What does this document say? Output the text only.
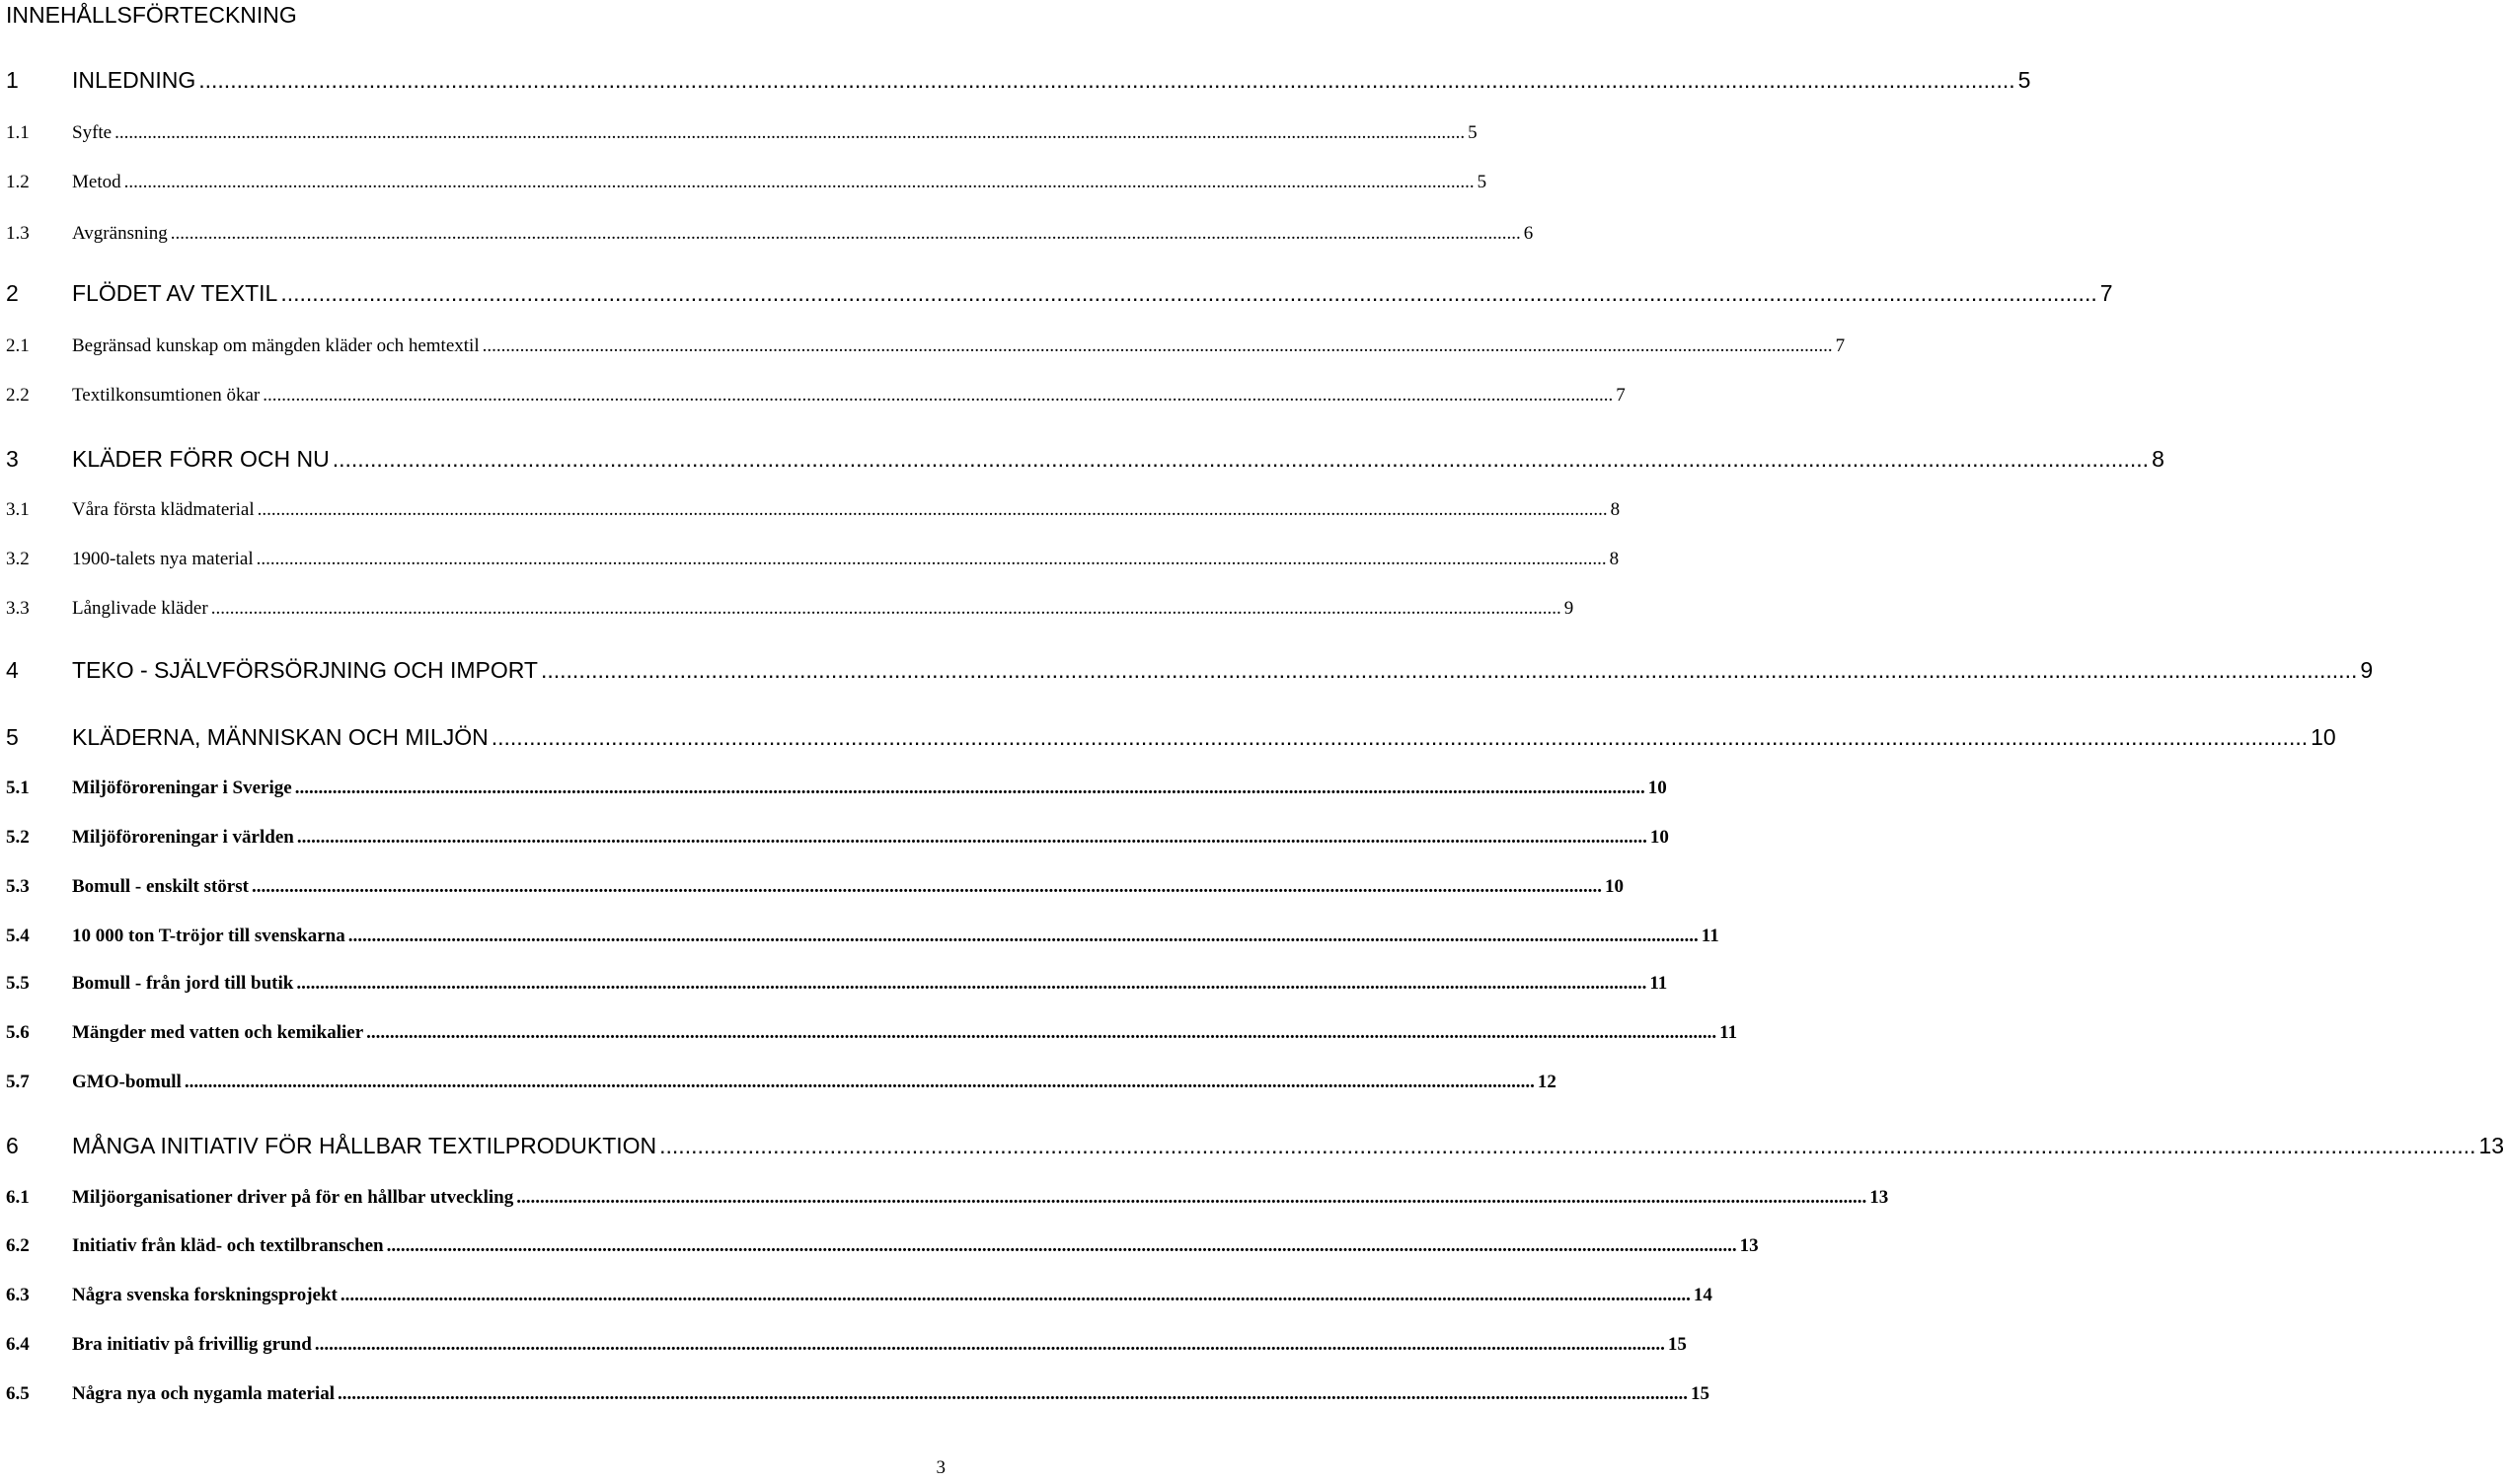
INNEHÅLLSFÖRTECKNING
1	INLEDNING .....	5
1.1	Syfte .....	5
1.2	Metod .....	5
1.3	Avgränsning .....	6
2	FLÖDET AV TEXTIL .....	7
2.1	Begränsad kunskap om mängden kläder och hemtextil .....	7
2.2	Textilkonsumtionen ökar .....	7
3	KLÄDER FÖRR OCH NU .....	8
3.1	Våra första klädmaterial .....	8
3.2	1900-talets nya material .....	8
3.3	Långlivade kläder .....	9
4	TEKO - SJÄLVFÖRSÖRJNING OCH IMPORT .....	9
5	KLÄDERNA, MÄNNISKAN OCH MILJÖN .....	10
5.1	Miljöföroreningar i Sverige .....	10
5.2	Miljöföroreningar i världen .....	10
5.3	Bomull - enskilt störst .....	10
5.4	10 000 ton T-tröjor till svenskarna .....	11
5.5	Bomull - från jord till butik .....	11
5.6	Mängder med vatten och kemikalier .....	11
5.7	GMO-bomull .....	12
6	MÅNGA INITIATIV FÖR HÅLLBAR TEXTILPRODUKTION .....	13
6.1	Miljöorganisationer driver på för en hållbar utveckling .....	13
6.2	Initiativ från kläd- och textilbranschen .....	13
6.3	Några svenska forskningsprojekt .....	14
6.4	Bra initiativ på frivillig grund .....	15
6.5	Några nya och nygamla material .....	15
3
